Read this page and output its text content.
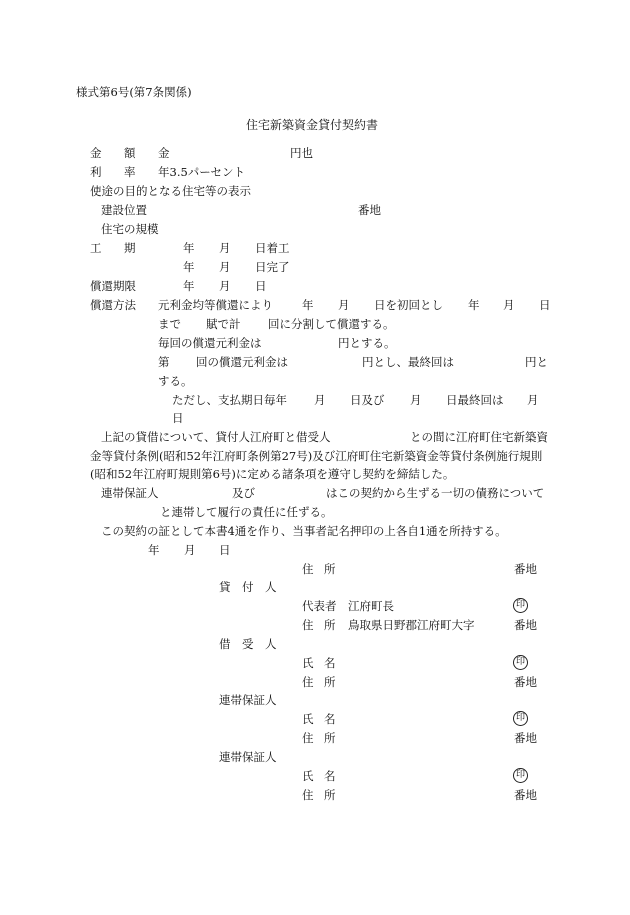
様式第6号(第7条関係)
住宅新築資金貸付契約書
金 額 金	円也
利 率 年3.5パーセント
使途の目的となる住宅等の表示
建設位置	番地
住宅の規模
工 期	年 月 日着工
年 月 日完了
償還期限	年 月 日
償還方法 元利金均等償還により	年 月 日を初回とし 年 月 日
まで 賦で計 回に分割して償還する。
毎回の償還元利金は	円とする。
第 回の償還元利金は	円とし、最終回は	円と
する。
ただし、支払期日毎年 月 日及び 月 日最終回は 月
日
上記の貸借について、貸付人江府町と借受人	との間に江府町住宅新築資
金等貸付条例(昭和52年江府町条例第27号)及び江府町住宅新築資金等貸付条例施行規則
(昭和52年江府町規則第6号)に定める諸条項を遵守し契約を締結した。
連帯保証人	及び	はこの契約から生ずる一切の債務について
と連帯して履行の責任に任ずる。
この契約の証として本書4通を作り、当事者記名押印の上各自1通を所持する。
年 月 日
住 所	番地
貸　付　人
代表者 江府町長	印
住 所 鳥取県日野郡江府町大字	番地
借　受　人
氏 名	印
住 所	番地
連帯保証人
氏 名	印
住 所	番地
連帯保証人
氏 名	印
住 所	番地
